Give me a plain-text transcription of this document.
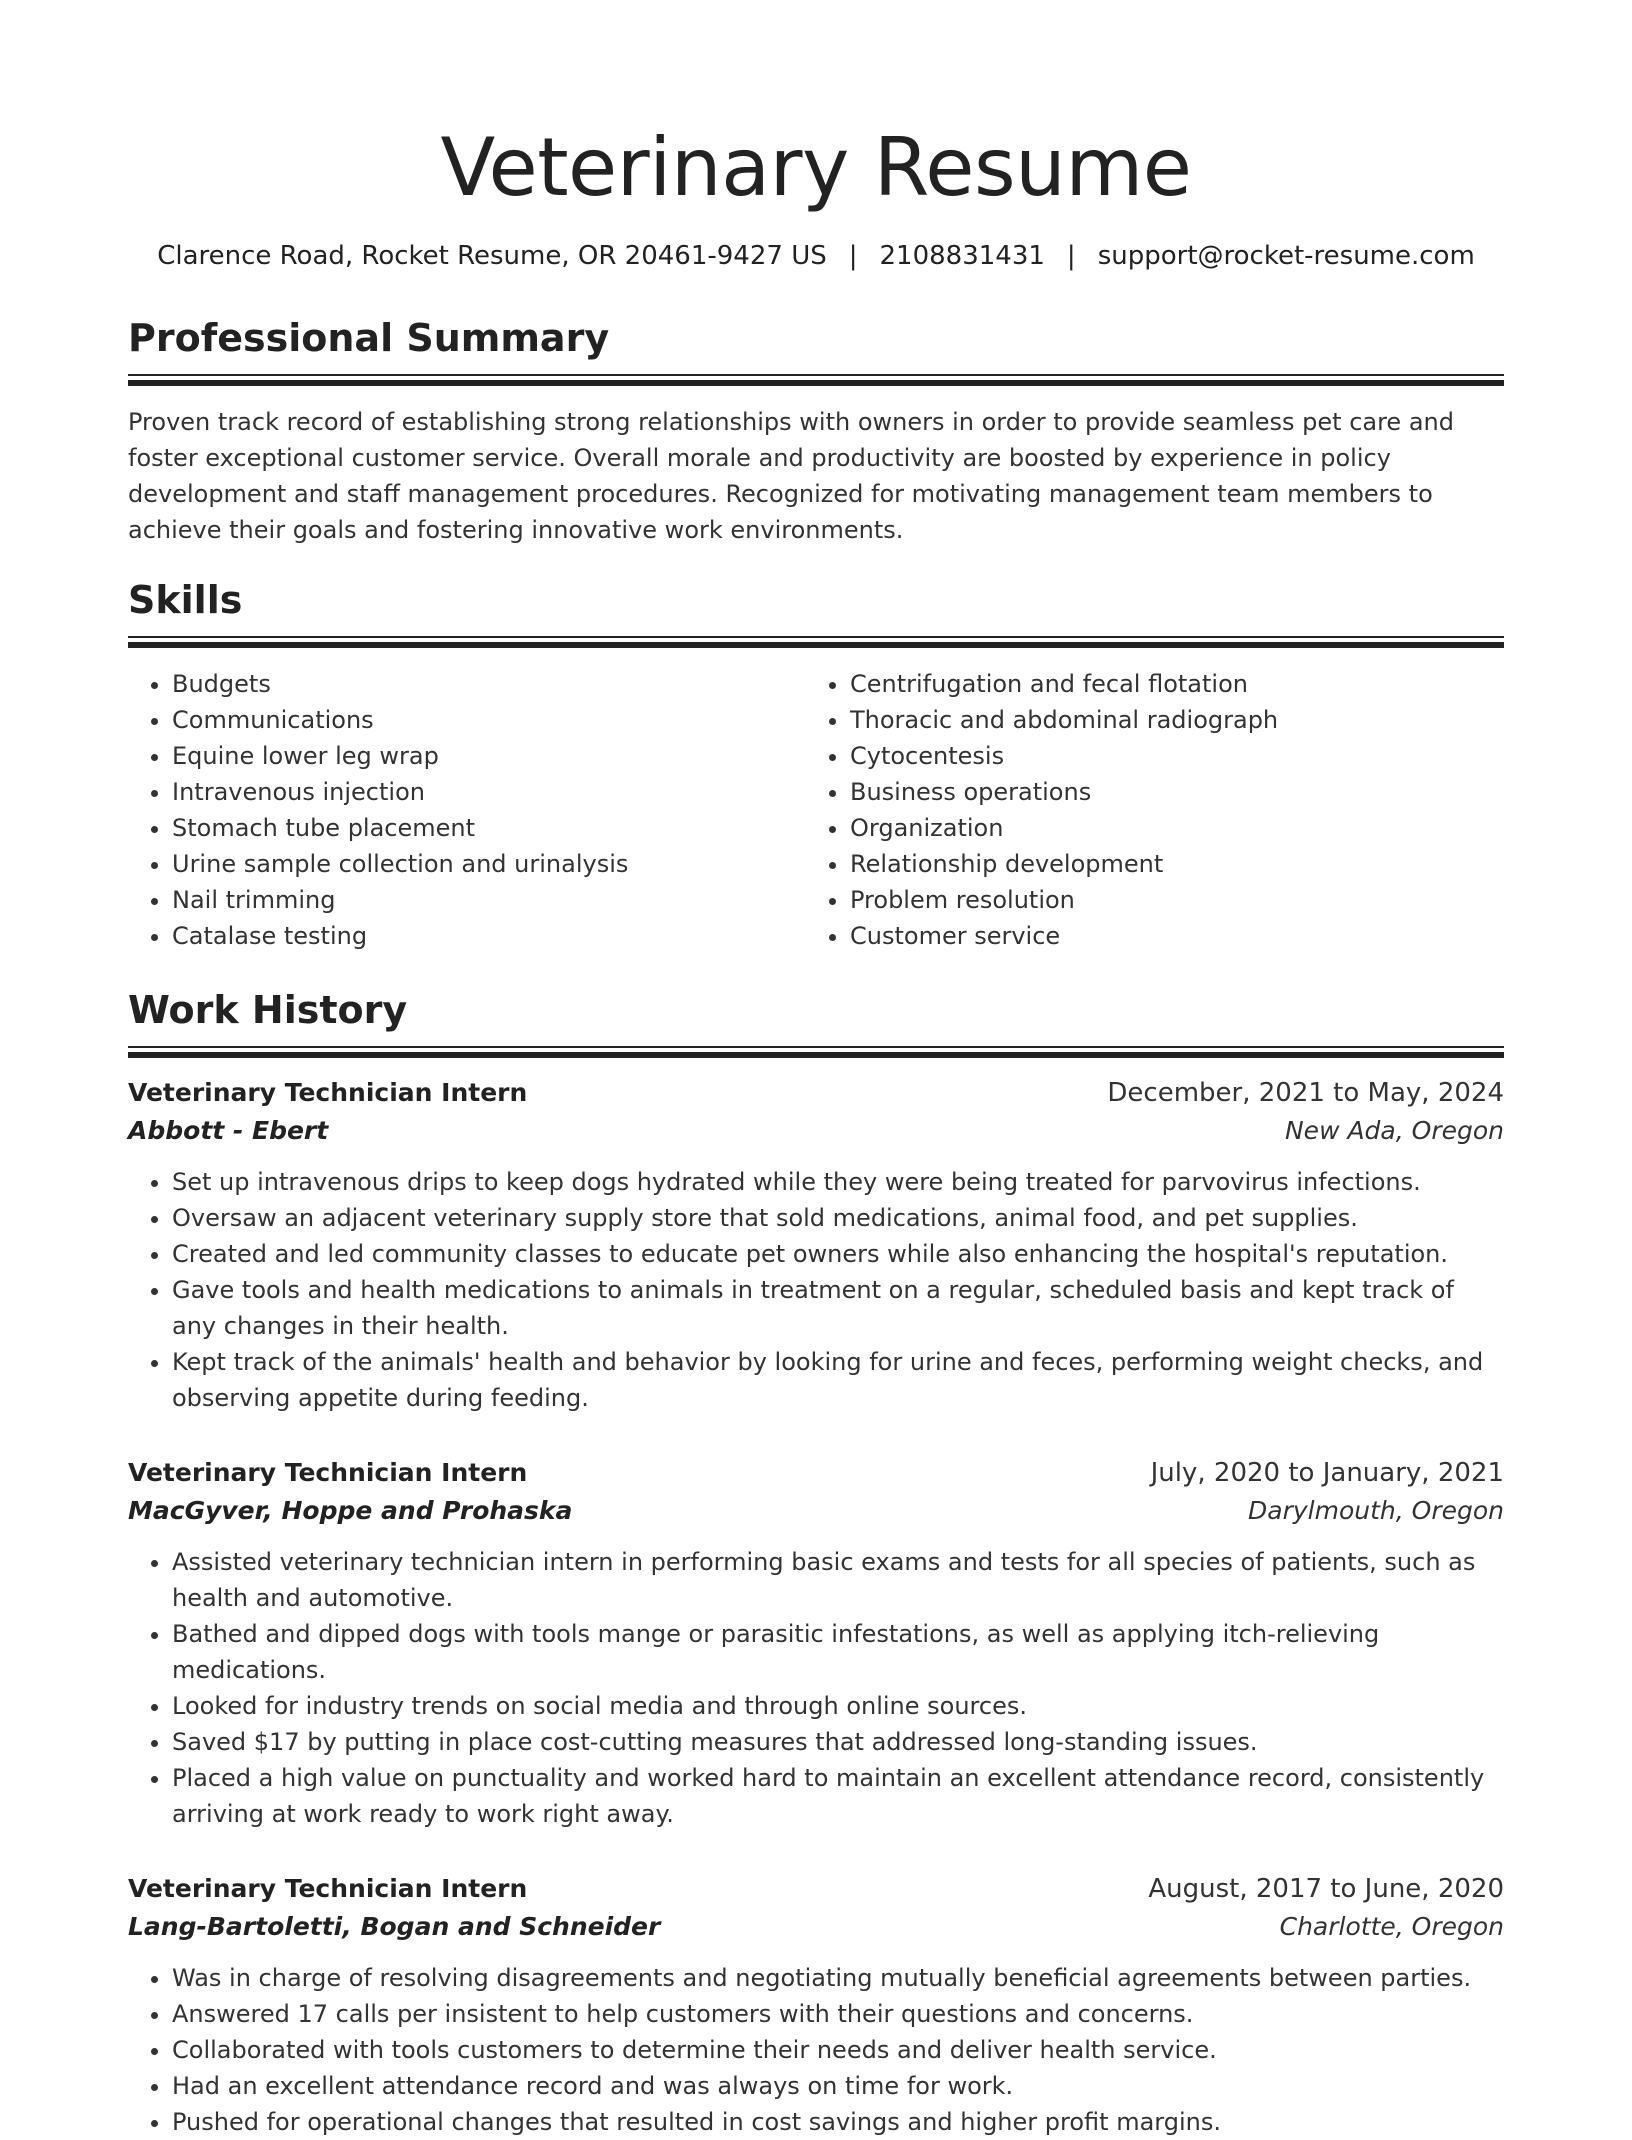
Veterinary Resume
Clarence Road, Rocket Resume, OR 20461-9427 US | 2108831431 | support@rocket-resume.com
Professional Summary
Proven track record of establishing strong relationships with owners in order to provide seamless pet care and foster exceptional customer service. Overall morale and productivity are boosted by experience in policy development and staff management procedures. Recognized for motivating management team members to achieve their goals and fostering innovative work environments.
Skills
• Budgets
• Communications
• Equine lower leg wrap
• Intravenous injection
• Stomach tube placement
• Urine sample collection and urinalysis
• Nail trimming
• Catalase testing
• Centrifugation and fecal flotation
• Thoracic and abdominal radiograph
• Cytocentesis
• Business operations
• Organization
• Relationship development
• Problem resolution
• Customer service
Work History
Veterinary Technician Intern	December, 2021 to May, 2024
Abbott - Ebert	New Ada, Oregon
• Set up intravenous drips to keep dogs hydrated while they were being treated for parvovirus infections.
• Oversaw an adjacent veterinary supply store that sold medications, animal food, and pet supplies.
• Created and led community classes to educate pet owners while also enhancing the hospital's reputation.
• Gave tools and health medications to animals in treatment on a regular, scheduled basis and kept track of any changes in their health.
• Kept track of the animals' health and behavior by looking for urine and feces, performing weight checks, and observing appetite during feeding.
Veterinary Technician Intern	July, 2020 to January, 2021
MacGyver, Hoppe and Prohaska	Darylmouth, Oregon
• Assisted veterinary technician intern in performing basic exams and tests for all species of patients, such as health and automotive.
• Bathed and dipped dogs with tools mange or parasitic infestations, as well as applying itch-relieving medications.
• Looked for industry trends on social media and through online sources.
• Saved $17 by putting in place cost-cutting measures that addressed long-standing issues.
• Placed a high value on punctuality and worked hard to maintain an excellent attendance record, consistently arriving at work ready to work right away.
Veterinary Technician Intern	August, 2017 to June, 2020
Lang-Bartoletti, Bogan and Schneider	Charlotte, Oregon
• Was in charge of resolving disagreements and negotiating mutually beneficial agreements between parties.
• Answered 17 calls per insistent to help customers with their questions and concerns.
• Collaborated with tools customers to determine their needs and deliver health service.
• Had an excellent attendance record and was always on time for work.
• Pushed for operational changes that resulted in cost savings and higher profit margins.
